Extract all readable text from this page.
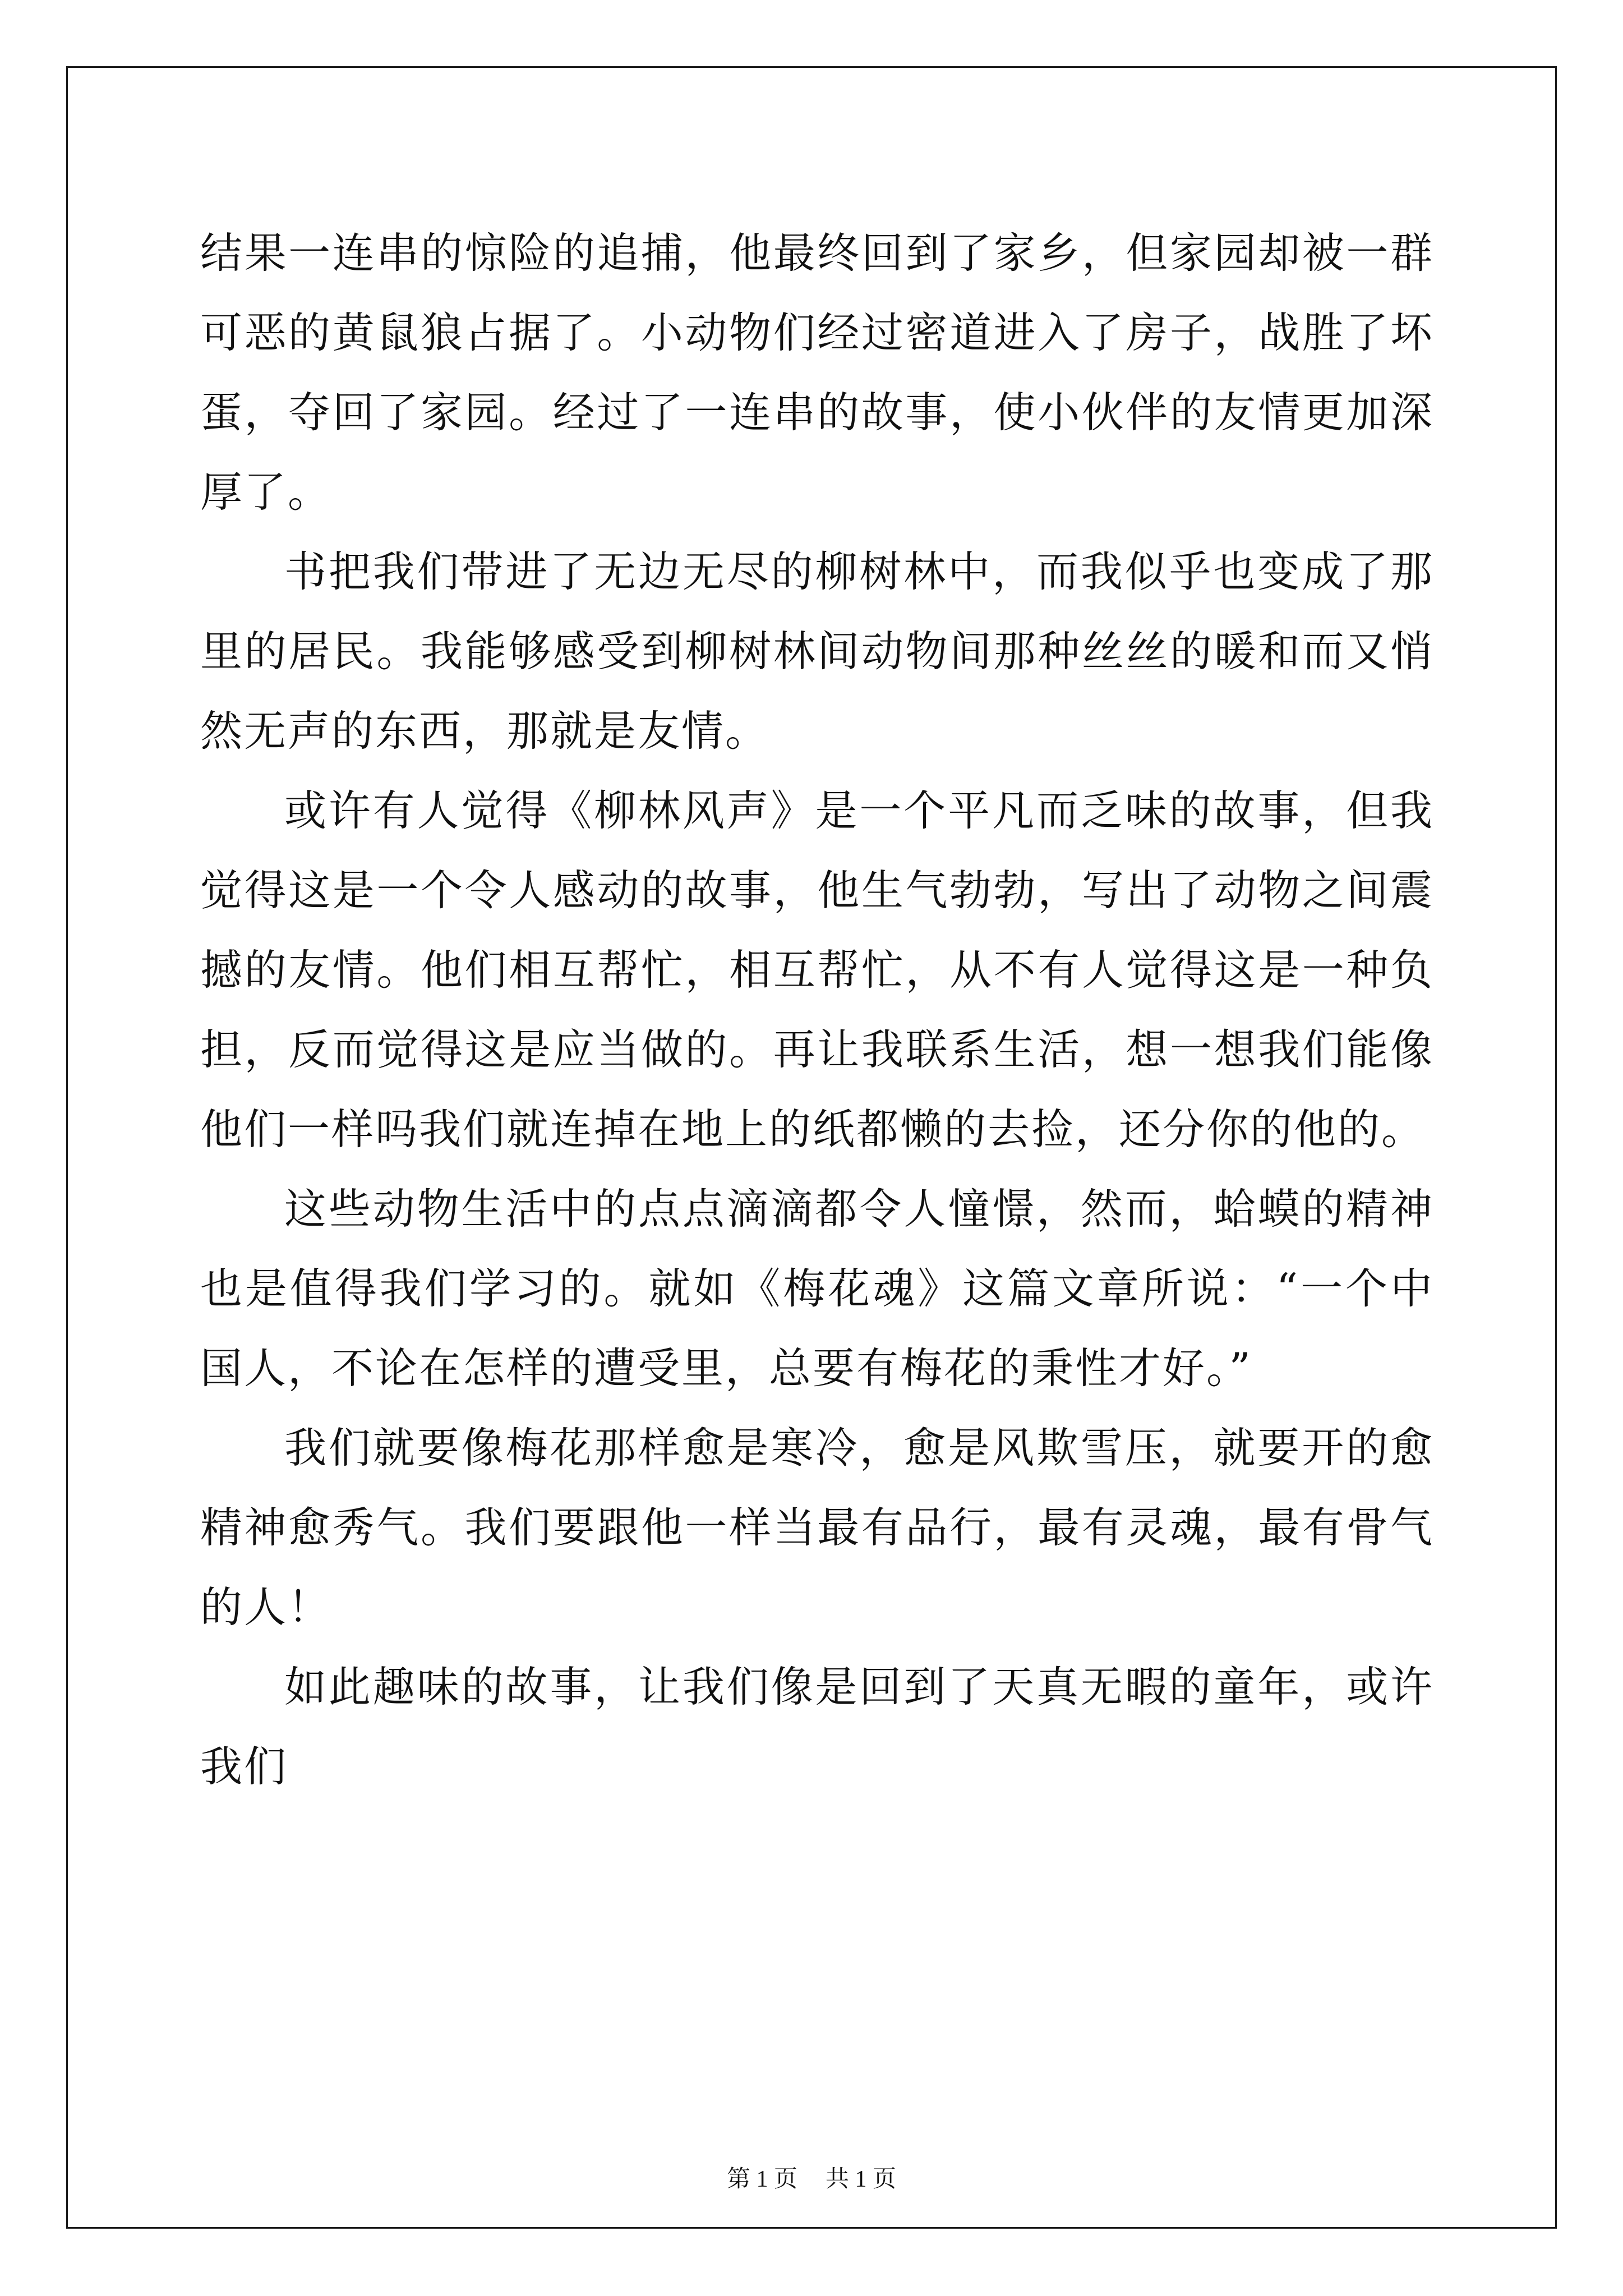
结果一连串的惊险的追捕，他最终回到了家乡，但家园却被一群可恶的黄鼠狼占据了。小动物们经过密道进入了房子，战胜了坏蛋，夺回了家园。经过了一连串的故事，使小伙伴的友情更加深厚了。

书把我们带进了无边无尽的柳树林中，而我似乎也变成了那里的居民。我能够感受到柳树林间动物间那种丝丝的暖和而又悄然无声的东西，那就是友情。

或许有人觉得《柳林风声》是一个平凡而乏味的故事，但我觉得这是一个令人感动的故事，他生气勃勃，写出了动物之间震撼的友情。他们相互帮忙，相互帮忙，从不有人觉得这是一种负担，反而觉得这是应当做的。再让我联系生活，想一想我们能像他们一样吗我们就连掉在地上的纸都懒的去捡，还分你的他的。

这些动物生活中的点点滴滴都令人憧憬，然而，蛤蟆的精神也是值得我们学习的。就如《梅花魂》这篇文章所说：“一个中国人，不论在怎样的遭受里，总要有梅花的秉性才好。”

我们就要像梅花那样愈是寒冷，愈是风欺雪压，就要开的愈精神愈秀气。我们要跟他一样当最有品行，最有灵魂，最有骨气的人！

如此趣味的故事，让我们像是回到了天真无暇的童年，或许我们

第 1 页 共 1 页
